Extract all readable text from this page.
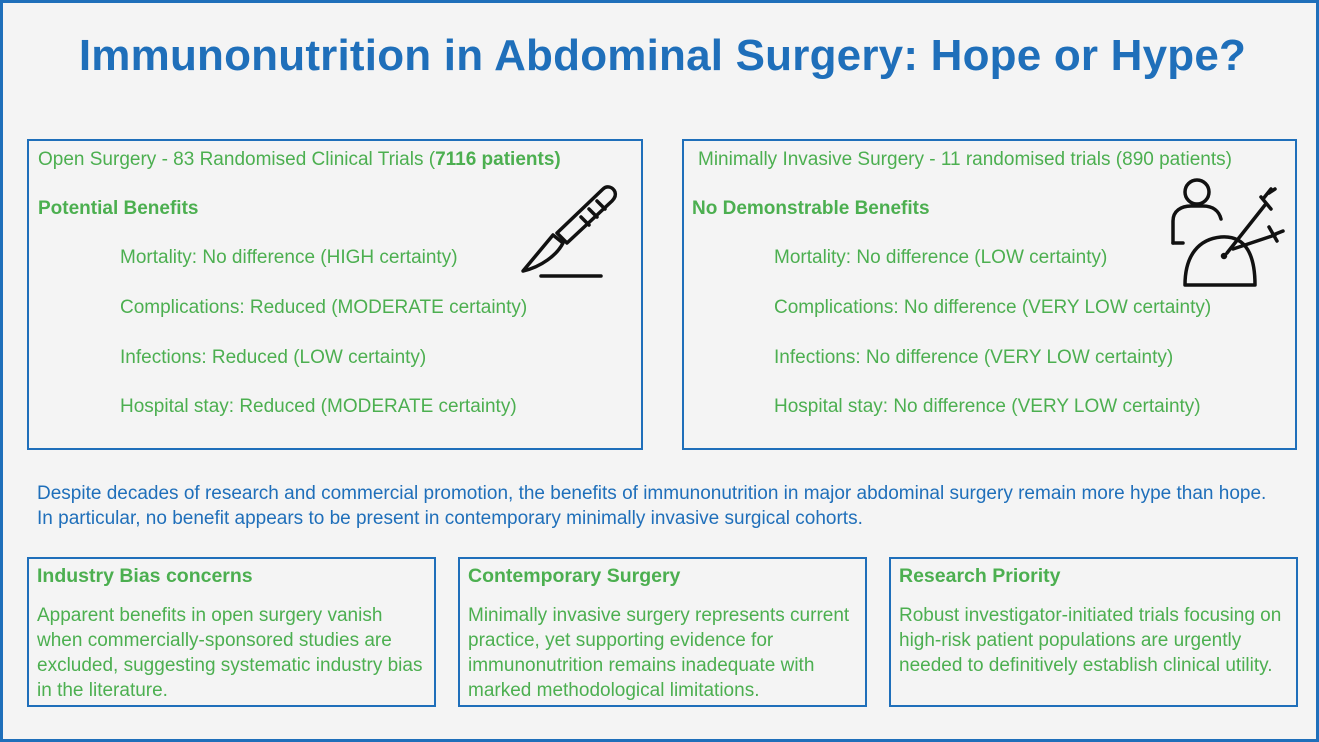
Immunonutrition in Abdominal Surgery: Hope or Hype?
Open Surgery - 83 Randomised Clinical Trials (7116 patients)
Potential Benefits
Mortality: No difference (HIGH certainty)
Complications: Reduced (MODERATE certainty)
Infections: Reduced (LOW certainty)
Hospital stay: Reduced (MODERATE certainty)
Minimally Invasive Surgery - 11 randomised trials (890 patients)
No Demonstrable Benefits
Mortality: No difference (LOW certainty)
Complications: No difference (VERY LOW certainty)
Infections: No difference (VERY LOW certainty)
Hospital stay: No difference (VERY LOW certainty)
Despite decades of research and commercial promotion, the benefits of immunonutrition in major abdominal surgery remain more hype than hope. In particular, no benefit appears to be present in contemporary minimally invasive surgical cohorts.
Industry Bias concerns
Apparent benefits in open surgery vanish when commercially-sponsored studies are excluded, suggesting systematic industry bias in the literature.
Contemporary Surgery
Minimally invasive surgery represents current practice, yet supporting evidence for immunonutrition remains inadequate with marked methodological limitations.
Research Priority
Robust investigator-initiated trials focusing on high-risk patient populations are urgently needed to definitively establish clinical utility.
